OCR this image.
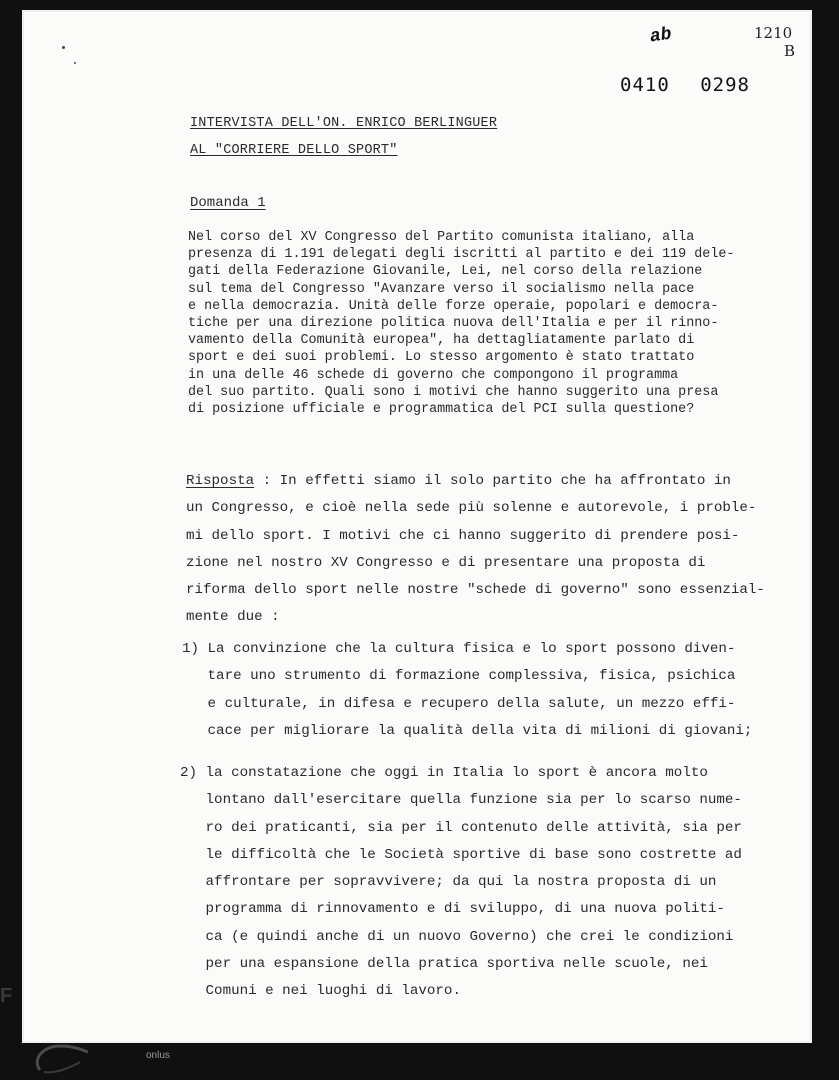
ab	1210
B
0410 0298
INTERVISTA DELL'ON. ENRICO BERLINGUER
AL "CORRIERE DELLO SPORT"
Domanda 1
Nel corso del XV Congresso del Partito comunista italiano, alla
presenza di 1.191 delegati degli iscritti al partito e dei 119 dele-
gati della Federazione Giovanile, Lei, nel corso della relazione
sul tema del Congresso "Avanzare verso il socialismo nella pace
e nella democrazia. Unità delle forze operaie, popolari e democra-
tiche per una direzione politica nuova dell'Italia e per il rinno-
vamento della Comunità europea", ha dettagliatamente parlato di
sport e dei suoi problemi. Lo stesso argomento è stato trattato
in una delle 46 schede di governo che compongono il programma
del suo partito. Quali sono i motivi che hanno suggerito una presa
di posizione ufficiale e programmatica del PCI sulla questione?
Risposta : In effetti siamo il solo partito che ha affrontato in
un Congresso, e cioè nella sede più solenne e autorevole, i proble-
mi dello sport. I motivi che ci hanno suggerito di prendere posi-
zione nel nostro XV Congresso e di presentare una proposta di
riforma dello sport nelle nostre "schede di governo" sono essenzial-
mente due :
1) La convinzione che la cultura fisica e lo sport possono diven-
tare uno strumento di formazione complessiva, fisica, psichica
e culturale, in difesa e recupero della salute, un mezzo effi-
cace per migliorare la qualità della vita di milioni di giovani;
2) la constatazione che oggi in Italia lo sport è ancora molto
lontano dall'esercitare quella funzione sia per lo scarso nume-
ro dei praticanti, sia per il contenuto delle attività, sia per
le difficoltà che le Società sportive di base sono costrette ad
affrontare per sopravvivere; da qui la nostra proposta di un
programma di rinnovamento e di sviluppo, di una nuova politi-
ca (e quindi anche di un nuovo Governo) che crei le condizioni
per una espansione della pratica sportiva nelle scuole, nei
Comuni e nei luoghi di lavoro.
F
onlus
